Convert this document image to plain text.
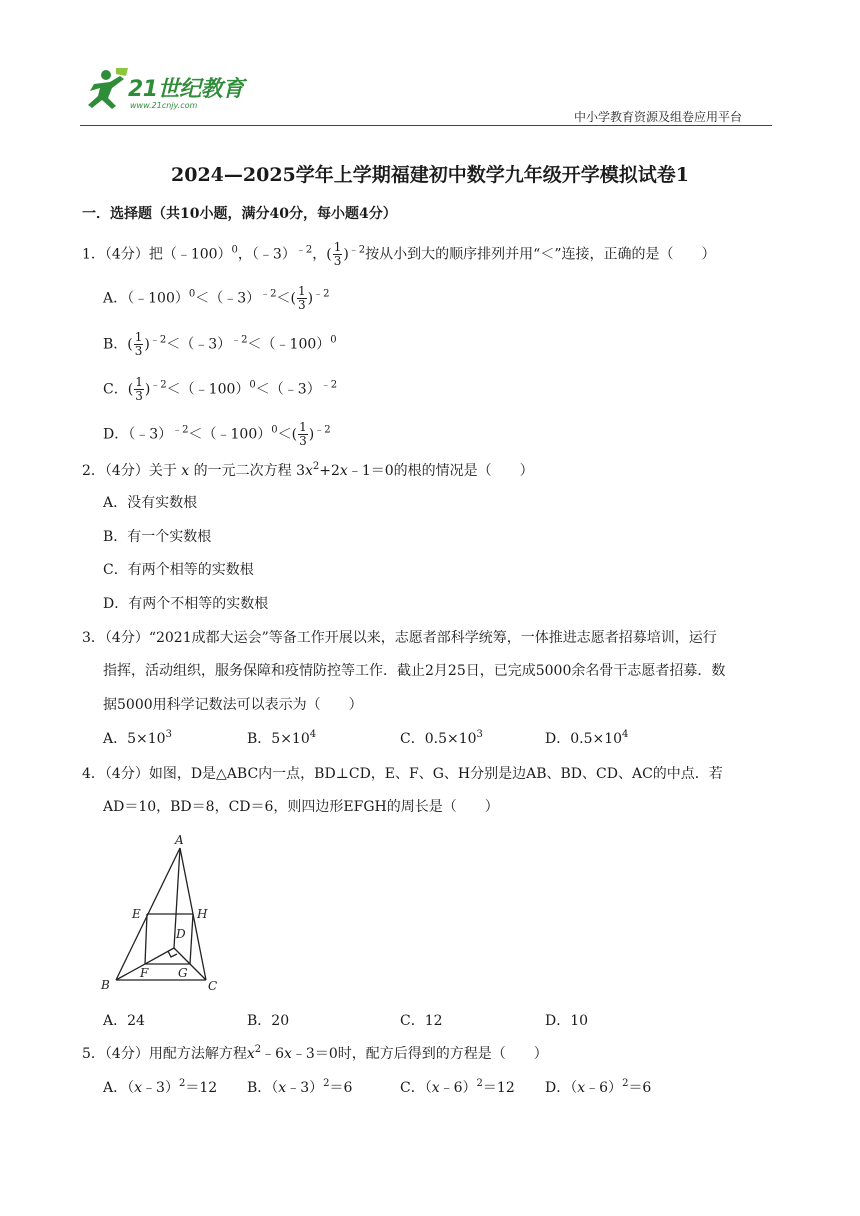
21世纪教育
www.21cnjy.com
中小学教育资源及组卷应用平台
2024—2025学年上学期福建初中数学九年级开学模拟试卷1
一．选择题（共10小题，满分40分，每小题4分）
1．（4分）把（﹣100）$^0$，（﹣3）$^{﹣2}$，( $\frac{1}{3} )^{﹣2}$按从小到大的顺序排列并用“＜”连接，正确的是（　　）
A．（﹣100）$^0$＜（﹣3）$^{﹣2}$＜( $\frac{1}{3} )^{﹣2}$
B．( $\frac{1}{3}$ )$^{﹣2}$＜（﹣3）$^{﹣2}$＜（﹣100）$^0$
C．( $\frac{1}{3}$ )$^{﹣2}$＜（﹣100）$^0$＜（﹣3）$^{﹣2}$
D．（﹣3）$^{﹣2}$＜（﹣100）$^0$＜( $\frac{1}{3} )^{﹣2}$
2．（4分）关于 x 的一元二次方程 $3x^2+2x﹣1=0$的根的情况是（　　）
A．没有实数根
B．有一个实数根
C．有两个相等的实数根
D．有两个不相等的实数根
3．（4分）“2021成都大运会”等备工作开展以来，志愿者部科学统筹，一体推进志愿者招募培训，运行
指挥，活动组织，服务保障和疫情防控等工作．截止2月25日，已完成5000余名骨干志愿者招募．数
据5000用科学记数法可以表示为（　　）
A．$5\times 10^3$	B．$5\times 10^4$	C．$0.5\times 10^3$	D．$0.5\times 10^4$
4．（4分）如图，D是△ABC内一点，BD⊥CD，E、F、G、H分别是边AB、BD、CD、AC的中点．若
AD＝10，BD＝8，CD＝6，则四边形EFGH的周长是（　　）
A
E	H
D
F G
B	C
A．24	B．20	C．12	D．10
5．（4分）用配方法解方程$x^2﹣6x﹣3=0$时，配方后得到的方程是（　　）
A．（x﹣3）$^2$＝12 B．（x﹣3）$^2$＝6	C．（x﹣6）$^2$＝12 D．（x﹣6）$^2$＝6
